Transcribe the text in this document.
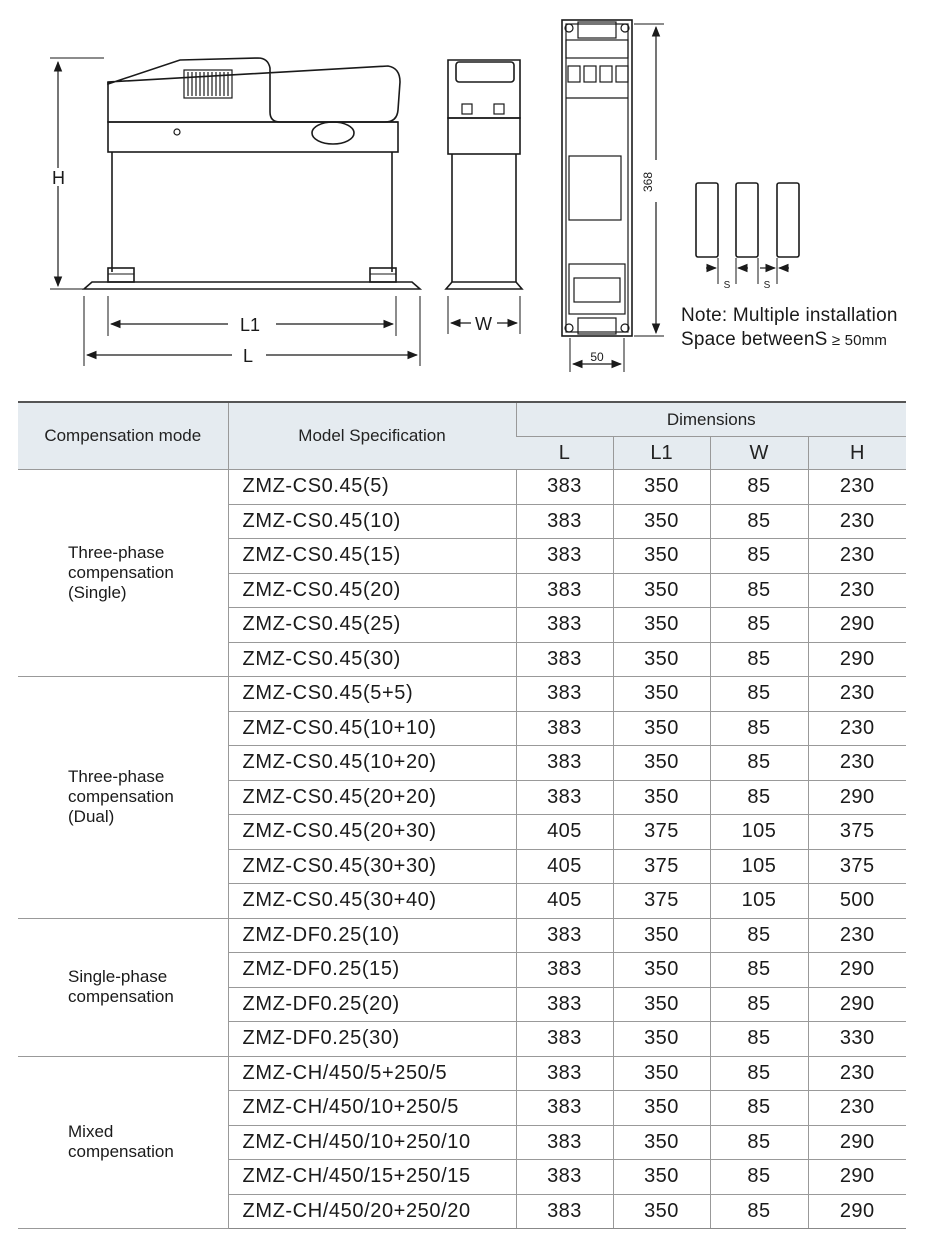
H
L1
L
W
368
50
S	S
Note: Multiple installation
Space betweenS ≥ 50mm
Compensation mode	Model Specification	Dimensions			
		L	L1	W	H

Three-phase
compensation
(Single)	ZMZ-CS0.45(5)	383	350	85	230
	ZMZ-CS0.45(10)	383	350	85	230
	ZMZ-CS0.45(15)	383	350	85	230
	ZMZ-CS0.45(20)	383	350	85	230
	ZMZ-CS0.45(25)	383	350	85	290
	ZMZ-CS0.45(30)	383	350	85	290

Three-phase
compensation
(Dual)	ZMZ-CS0.45(5+5)	383	350	85	230
	ZMZ-CS0.45(10+10)	383	350	85	230
	ZMZ-CS0.45(10+20)	383	350	85	230
	ZMZ-CS0.45(20+20)	383	350	85	290
	ZMZ-CS0.45(20+30)	405	375	105	375
	ZMZ-CS0.45(30+30)	405	375	105	375
	ZMZ-CS0.45(30+40)	405	375	105	500

Single-phase
compensation	ZMZ-DF0.25(10)	383	350	85	230
	ZMZ-DF0.25(15)	383	350	85	290
	ZMZ-DF0.25(20)	383	350	85	290
	ZMZ-DF0.25(30)	383	350	85	330

Mixed
compensation	ZMZ-CH/450/5+250/5	383	350	85	230
	ZMZ-CH/450/10+250/5	383	350	85	230
	ZMZ-CH/450/10+250/10	383	350	85	290
	ZMZ-CH/450/15+250/15	383	350	85	290
	ZMZ-CH/450/20+250/20	383	350	85	290
